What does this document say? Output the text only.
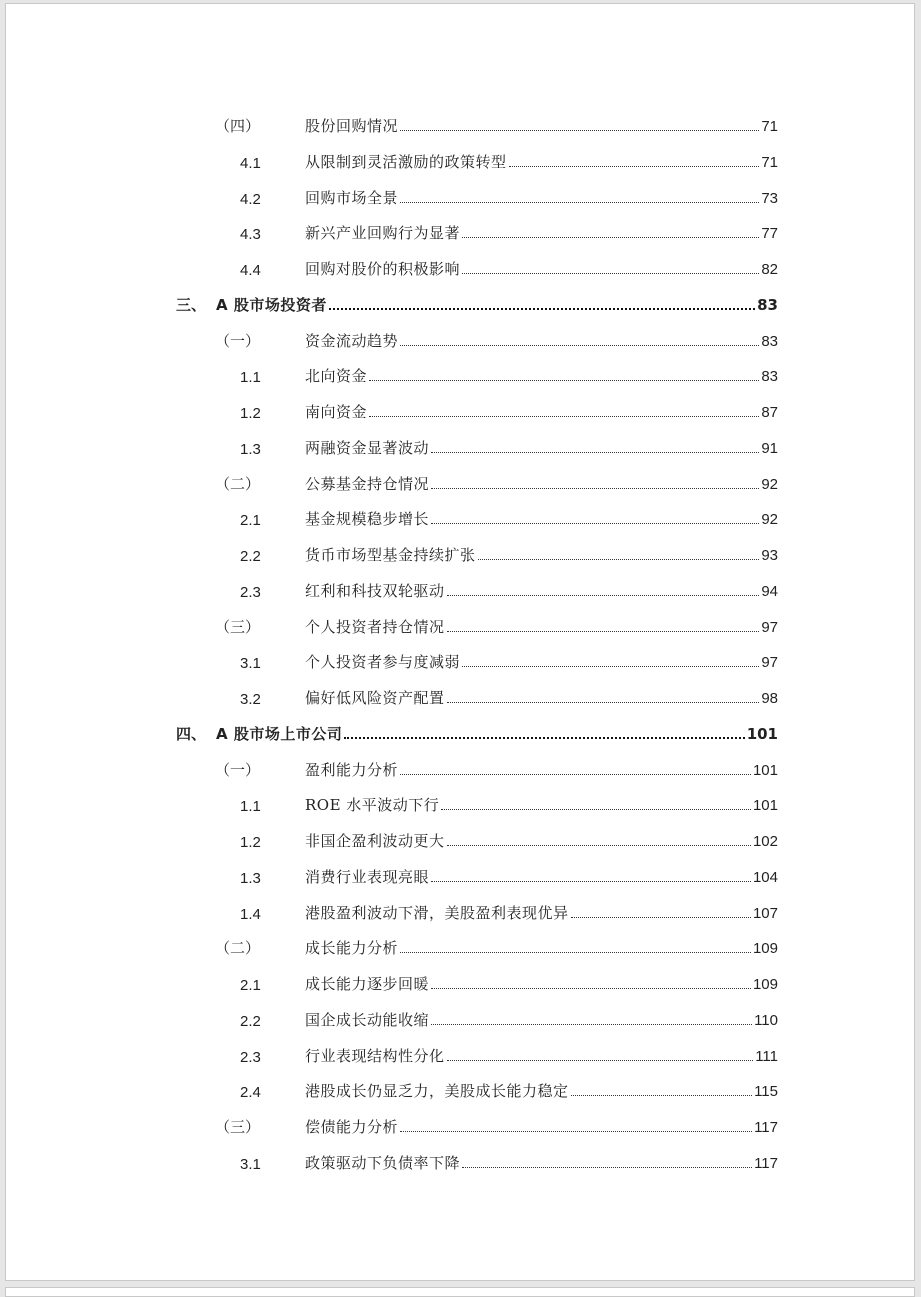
（四）	股份回购情况	71
4.1	从限制到灵活激励的政策转型	71
4.2	回购市场全景	73
4.3	新兴产业回购行为显著	77
4.4	回购对股价的积极影响	82
三、 A 股市场投资者	83
（一）	资金流动趋势	83
1.1	北向资金	83
1.2	南向资金	87
1.3	两融资金显著波动	91
（二）	公募基金持仓情况	92
2.1	基金规模稳步增长	92
2.2	货币市场型基金持续扩张	93
2.3	红利和科技双轮驱动	94
（三）	个人投资者持仓情况	97
3.1	个人投资者参与度减弱	97
3.2	偏好低风险资产配置	98
四、 A 股市场上市公司	101
（一）	盈利能力分析	101
1.1	ROE 水平波动下行	101
1.2	非国企盈利波动更大	102
1.3	消费行业表现亮眼	104
1.4	港股盈利波动下滑，美股盈利表现优异	107
（二）	成长能力分析	109
2.1	成长能力逐步回暖	109
2.2	国企成长动能收缩	110
2.3	行业表现结构性分化	111
2.4	港股成长仍显乏力，美股成长能力稳定	115
（三）	偿债能力分析	117
3.1	政策驱动下负债率下降	117
